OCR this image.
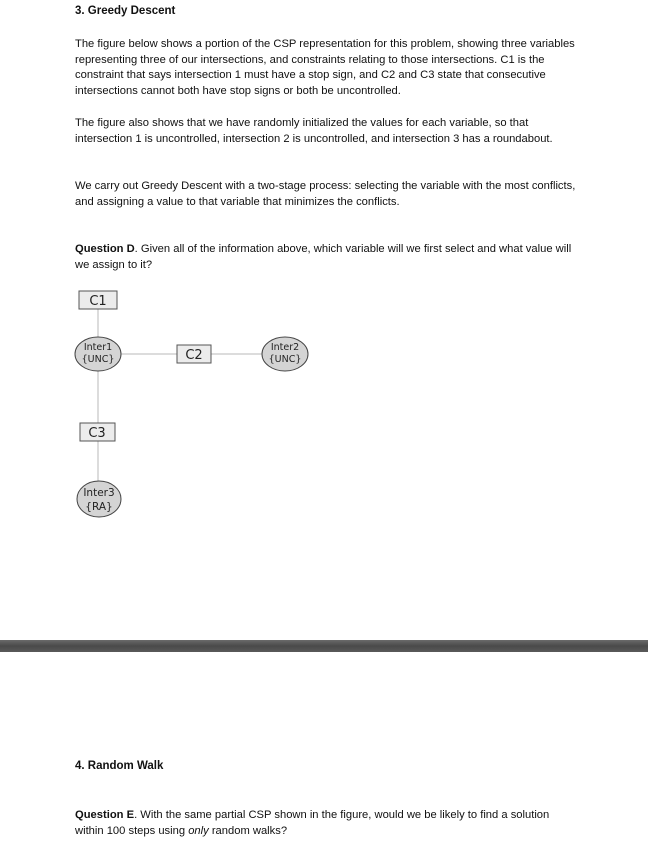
3. Greedy Descent

The figure below shows a portion of the CSP representation for this problem, showing three variables representing three of our intersections, and constraints relating to those intersections. C1 is the constraint that says intersection 1 must have a stop sign, and C2 and C3 state that consecutive intersections cannot both have stop signs or both be uncontrolled.

The figure also shows that we have randomly initialized the values for each variable, so that intersection 1 is uncontrolled, intersection 2 is uncontrolled, and intersection 3 has a roundabout.

We carry out Greedy Descent with a two-stage process: selecting the variable with the most conflicts, and assigning a value to that variable that minimizes the conflicts.

Question D. Given all of the information above, which variable will we first select and what value will we assign to it?

C1
C2
C3
Inter1
{UNC}
Inter2
{UNC}
Inter3
{RA}
4. Random Walk

Question E. With the same partial CSP shown in the figure, would we be likely to find a solution within 100 steps using only random walks?
